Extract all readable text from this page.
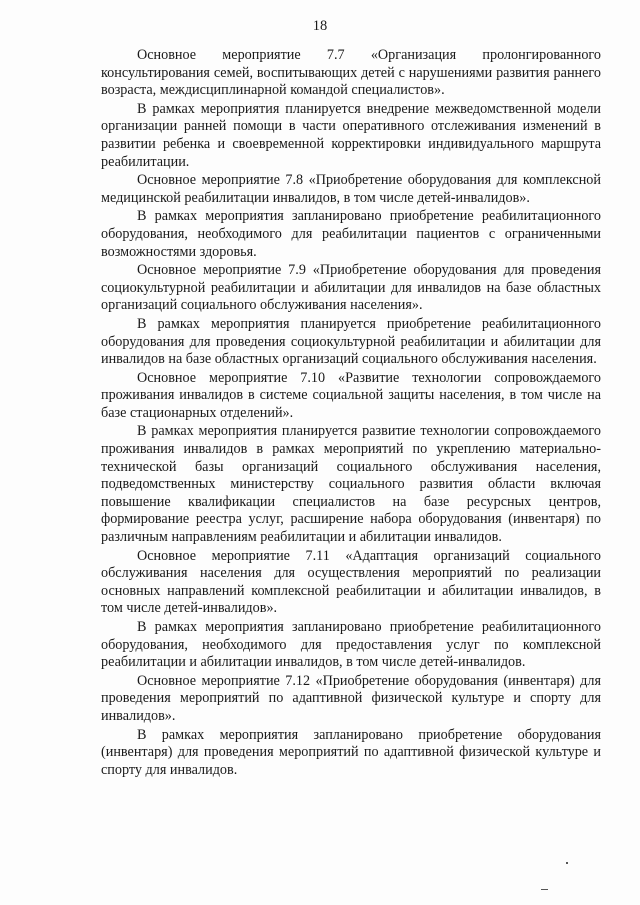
18

Основное мероприятие 7.7 «Организация пролонгированного консультирования семей, воспитывающих детей с нарушениями развития раннего возраста, междисциплинарной командой специалистов».

В рамках мероприятия планируется внедрение межведомственной модели организации ранней помощи в части оперативного отслеживания изменений в развитии ребенка и своевременной корректировки индивидуального маршрута реабилитации.

Основное мероприятие 7.8 «Приобретение оборудования для комплексной медицинской реабилитации инвалидов, в том числе детей-инвалидов».

В рамках мероприятия запланировано приобретение реабилитационного оборудования, необходимого для реабилитации пациентов с ограниченными возможностями здоровья.

Основное мероприятие 7.9 «Приобретение оборудования для проведения социокультурной реабилитации и абилитации для инвалидов на базе областных организаций социального обслуживания населения».

В рамках мероприятия планируется приобретение реабилитационного оборудования для проведения социокультурной реабилитации и абилитации для инвалидов на базе областных организаций социального обслуживания населения.

Основное мероприятие 7.10 «Развитие технологии сопровождаемого проживания инвалидов в системе социальной защиты населения, в том числе на базе стационарных отделений».

В рамках мероприятия планируется развитие технологии сопровождаемого проживания инвалидов в рамках мероприятий по укреплению материально-технической базы организаций социального обслуживания населения, подведомственных министерству социального развития области включая повышение квалификации специалистов на базе ресурсных центров, формирование реестра услуг, расширение набора оборудования (инвентаря) по различным направлениям реабилитации и абилитации инвалидов.

Основное мероприятие 7.11 «Адаптация организаций социального обслуживания населения для осуществления мероприятий по реализации основных направлений комплексной реабилитации и абилитации инвалидов, в том числе детей-инвалидов».

В рамках мероприятия запланировано приобретение реабилитационного оборудования, необходимого для предоставления услуг по комплексной реабилитации и абилитации инвалидов, в том числе детей-инвалидов.

Основное мероприятие 7.12 «Приобретение оборудования (инвентаря) для проведения мероприятий по адаптивной физической культуре и спорту для инвалидов».

В рамках мероприятия запланировано приобретение оборудования (инвентаря) для проведения мероприятий по адаптивной физической культуре и спорту для инвалидов.
